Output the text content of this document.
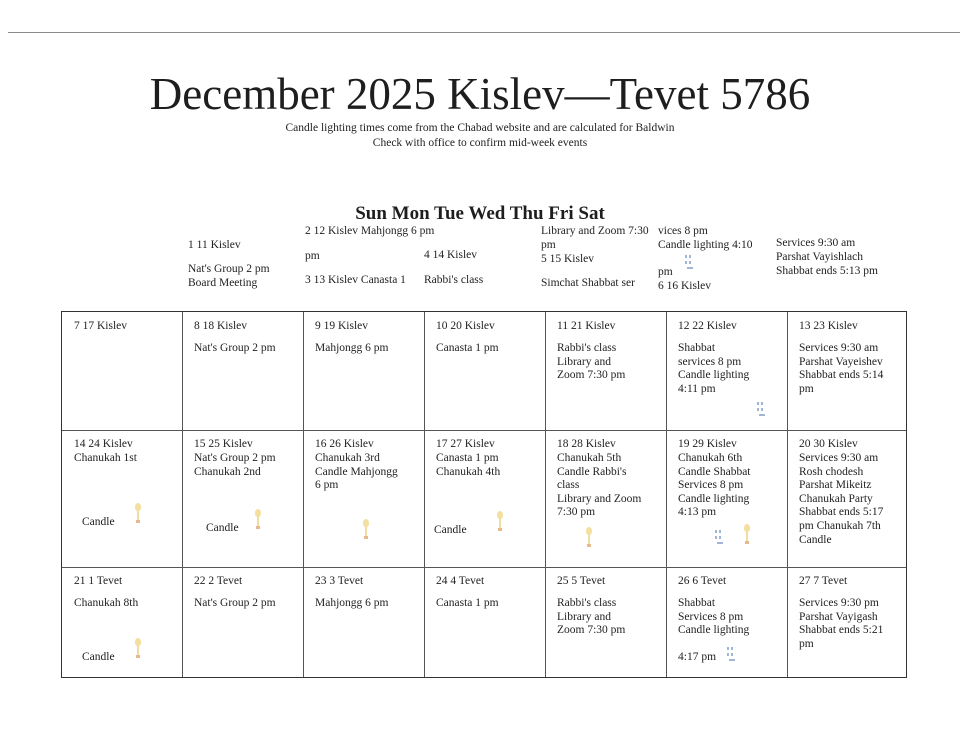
December 2025 Kislev—Tevet 5786
Candle lighting times come from the Chabad website and are calculated for Baldwin
Check with office to confirm mid-week events
Sun Mon Tue Wed Thu Fri Sat
1 11 Kislev
Nat's Group 2 pm
Board Meeting
2 12 Kislev Mahjongg 6 pm
pm
3 13 Kislev Canasta 1
4 14 Kislev
Rabbi's class
Library and Zoom 7:30 vices 8 pm
pm
5 15 Kislev
Simchat Shabbat ser
Candle lighting 4:10
pm
6 16 Kislev
Services 9:30 am
Parshat Vayishlach
Shabbat ends 5:13 pm
7 17 Kislev	8 18 Kislev
Nat's Group 2 pm
9 19 Kislev
Mahjongg 6 pm
10 20 Kislev
Canasta 1 pm
11 21 Kislev
Rabbi's class
Library and
Zoom 7:30 pm
12 22 Kislev
Shabbat
services 8 pm
Candle lighting
4:11 pm
13 23 Kislev
Services 9:30 am
Parshat Vayeishev
Shabbat ends 5:14
pm
14 24 Kislev
Chanukah 1st
Candle
15 25 Kislev
Nat's Group 2 pm
Chanukah 2nd
Candle
16 26 Kislev
Chanukah 3rd
Candle Mahjongg
6 pm
17 27 Kislev
Canasta 1 pm
Chanukah 4th
Candle
18 28 Kislev
Chanukah 5th
Candle Rabbi's
class
Library and Zoom
7:30 pm
19 29 Kislev
Chanukah 6th
Candle Shabbat
Services 8 pm
Candle lighting
4:13 pm
20 30 Kislev
Services 9:30 am
Rosh chodesh
Parshat Mikeitz
Chanukah Party
Shabbat ends 5:17
pm Chanukah 7th
Candle
21 1 Tevet
Chanukah 8th
Candle
22 2 Tevet
Nat's Group 2 pm
23 3 Tevet
Mahjongg 6 pm
24 4 Tevet
Canasta 1 pm
25 5 Tevet
Rabbi's class
Library and
Zoom 7:30 pm
26 6 Tevet
Shabbat
Services 8 pm
Candle lighting

4:17 pm
27 7 Tevet
Services 9:30 pm
Parshat Vayigash
Shabbat ends 5:21
pm
